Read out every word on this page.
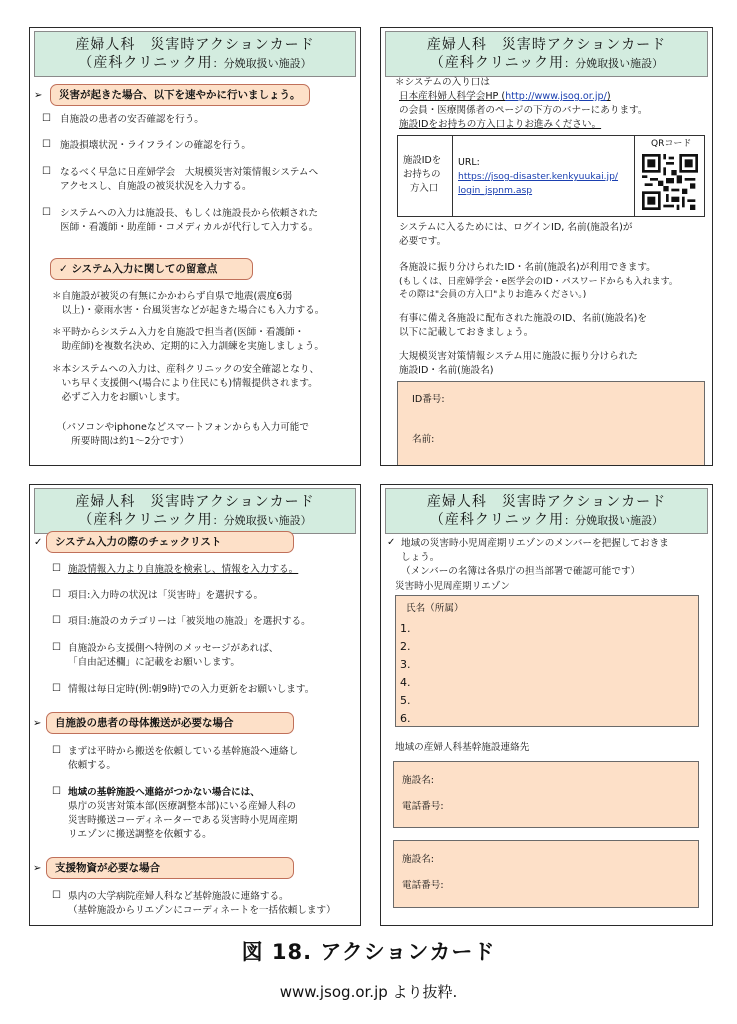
産婦人科　災害時アクションカード
（産科クリニック用：分娩取扱い施設）
➢	災害が起きた場合、以下を速やかに行いましょう。
☐ 自施設の患者の安否確認を行う。
☐ 施設損壊状況・ライフラインの確認を行う。
☐ なるべく早急に日産婦学会　大規模災害対策情報システムへ
アクセスし、自施設の被災状況を入力する。
☐ システムへの入力は施設長、もしくは施設長から依頼された
医師・看護師・助産師・コメディカルが代行して入力する。
✓ システム入力に関しての留意点
＊自施設が被災の有無にかかわらず自県で地震(震度6弱
　以上)・豪雨水害・台風災害などが起きた場合にも入力する。
＊平時からシステム入力を自施設で担当者(医師・看護師・
　助産師)を複数名決め、定期的に入力訓練を実施しましょう。
＊本システムへの入力は、産科クリニックの安全確認となり、
　いち早く支援側へ(場合により住民にも)情報提供されます。
　必ずご入力をお願いします。
　（パソコンやiphoneなどスマートフォンからも入力可能で
　　所要時間は約1～2分です）
産婦人科　災害時アクションカード
（産科クリニック用：分娩取扱い施設）
＊システムの入り口は
日本産科婦人科学会HP (http://www.jsog.or.jp/)
の会員・医療関係者のページの下方のバナーにあります。
施設IDをお持ちの方入口よりお進みください。
施設IDを
お持ちの
方入口
URL:
https://jsog-disaster.kenkyuukai.jp/
login_jspnm.asp
QRコード
システムに入るためには、ログインID, 名前(施設名)が
必要です。
各施設に振り分けられたID・名前(施設名)が利用できます。
(もしくは、日産婦学会・e医学会のID・パスワードからも入れます。
その際は"会員の方入口"よりお進みください。)
有事に備え各施設に配布された施設のID、名前(施設名)を
以下に記載しておきましょう。
大規模災害対策情報システム用に施設に振り分けられた
施設ID・名前(施設名)
ID番号:
名前:
産婦人科　災害時アクションカード
（産科クリニック用：分娩取扱い施設）
✓	システム入力の際のチェックリスト
☐ 施設情報入力より自施設を検索し、情報を入力する。
☐ 項目:入力時の状況は「災害時」を選択する。
☐ 項目:施設のカテゴリーは「被災地の施設」を選択する。
☐ 自施設から支援側へ特例のメッセージがあれば、
「自由記述欄」に記載をお願いします。
☐ 情報は毎日定時(例:朝9時)での入力更新をお願いします。
➢	自施設の患者の母体搬送が必要な場合
☐ まずは平時から搬送を依頼している基幹施設へ連絡し
依頼する。
☐ 地域の基幹施設へ連絡がつかない場合には、
県庁の災害対策本部(医療調整本部)にいる産婦人科の
災害時搬送コーディネーターである災害時小児周産期
リエゾンに搬送調整を依頼する。
➢	支援物資が必要な場合
☐ 県内の大学病院産婦人科など基幹施設に連絡する。
（基幹施設からリエゾンにコーディネートを一括依頼します）
産婦人科　災害時アクションカード
（産科クリニック用：分娩取扱い施設）
✓ 地域の災害時小児周産期リエゾンのメンバーを把握しておきま
しょう。
（メンバーの名簿は各県庁の担当部署で確認可能です）
災害時小児周産期リエゾン
氏名（所属）
1.
2.
3.
4.
5.
6.
地域の産婦人科基幹施設連絡先
施設名:
電話番号:
施設名:
電話番号:
図 18. アクションカード
www.jsog.or.jp より抜粋.
